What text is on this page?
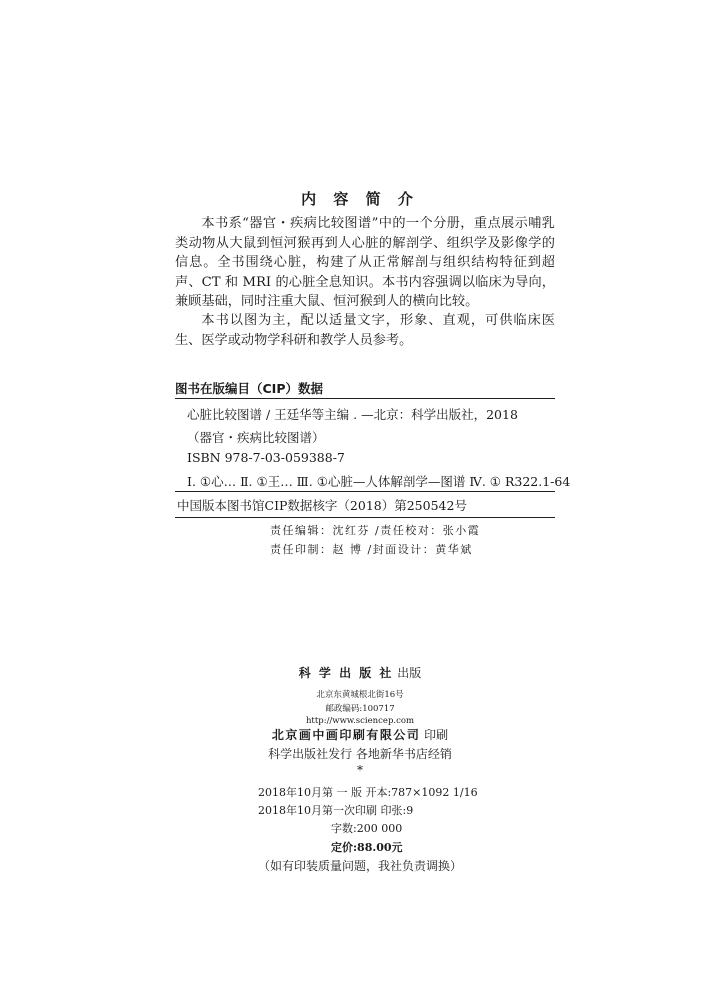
内 容 简 介

本书系“器官・疾病比较图谱”中的一个分册，重点展示哺乳类动物从大鼠到恒河猴再到人心脏的解剖学、组织学及影像学的信息。全书围绕心脏，构建了从正常解剖与组织结构特征到超声、CT 和 MRI 的心脏全息知识。本书内容强调以临床为导向，兼顾基础，同时注重大鼠、恒河猴到人的横向比较。

本书以图为主，配以适量文字，形象、直观，可供临床医生、医学或动物学科研和教学人员参考。

图书在版编目（CIP）数据
心脏比较图谱 / 王廷华等主编 . —北京：科学出版社，2018
（器官・疾病比较图谱）
ISBN 978-7-03-059388-7
Ⅰ. ①心… Ⅱ. ①王… Ⅲ. ①心脏—人体解剖学—图谱 Ⅳ. ① R322.1-64
中国版本图书馆CIP数据核字（2018）第250542号
责任编辑：沈红芬 /责任校对：张小霞
责任印制：赵 博 /封面设计：黄华斌
科 学 出 版 社 出版
北京东黄城根北街16号
邮政编码:100717
http://www.sciencep.com
北京画中画印刷有限公司 印刷
科学出版社发行 各地新华书店经销
*
2018年10月第 一 版 开本:787×1092 1/16
2018年10月第一次印刷 印张:9
字数:200 000
定价:88.00元
（如有印装质量问题，我社负责调换）
